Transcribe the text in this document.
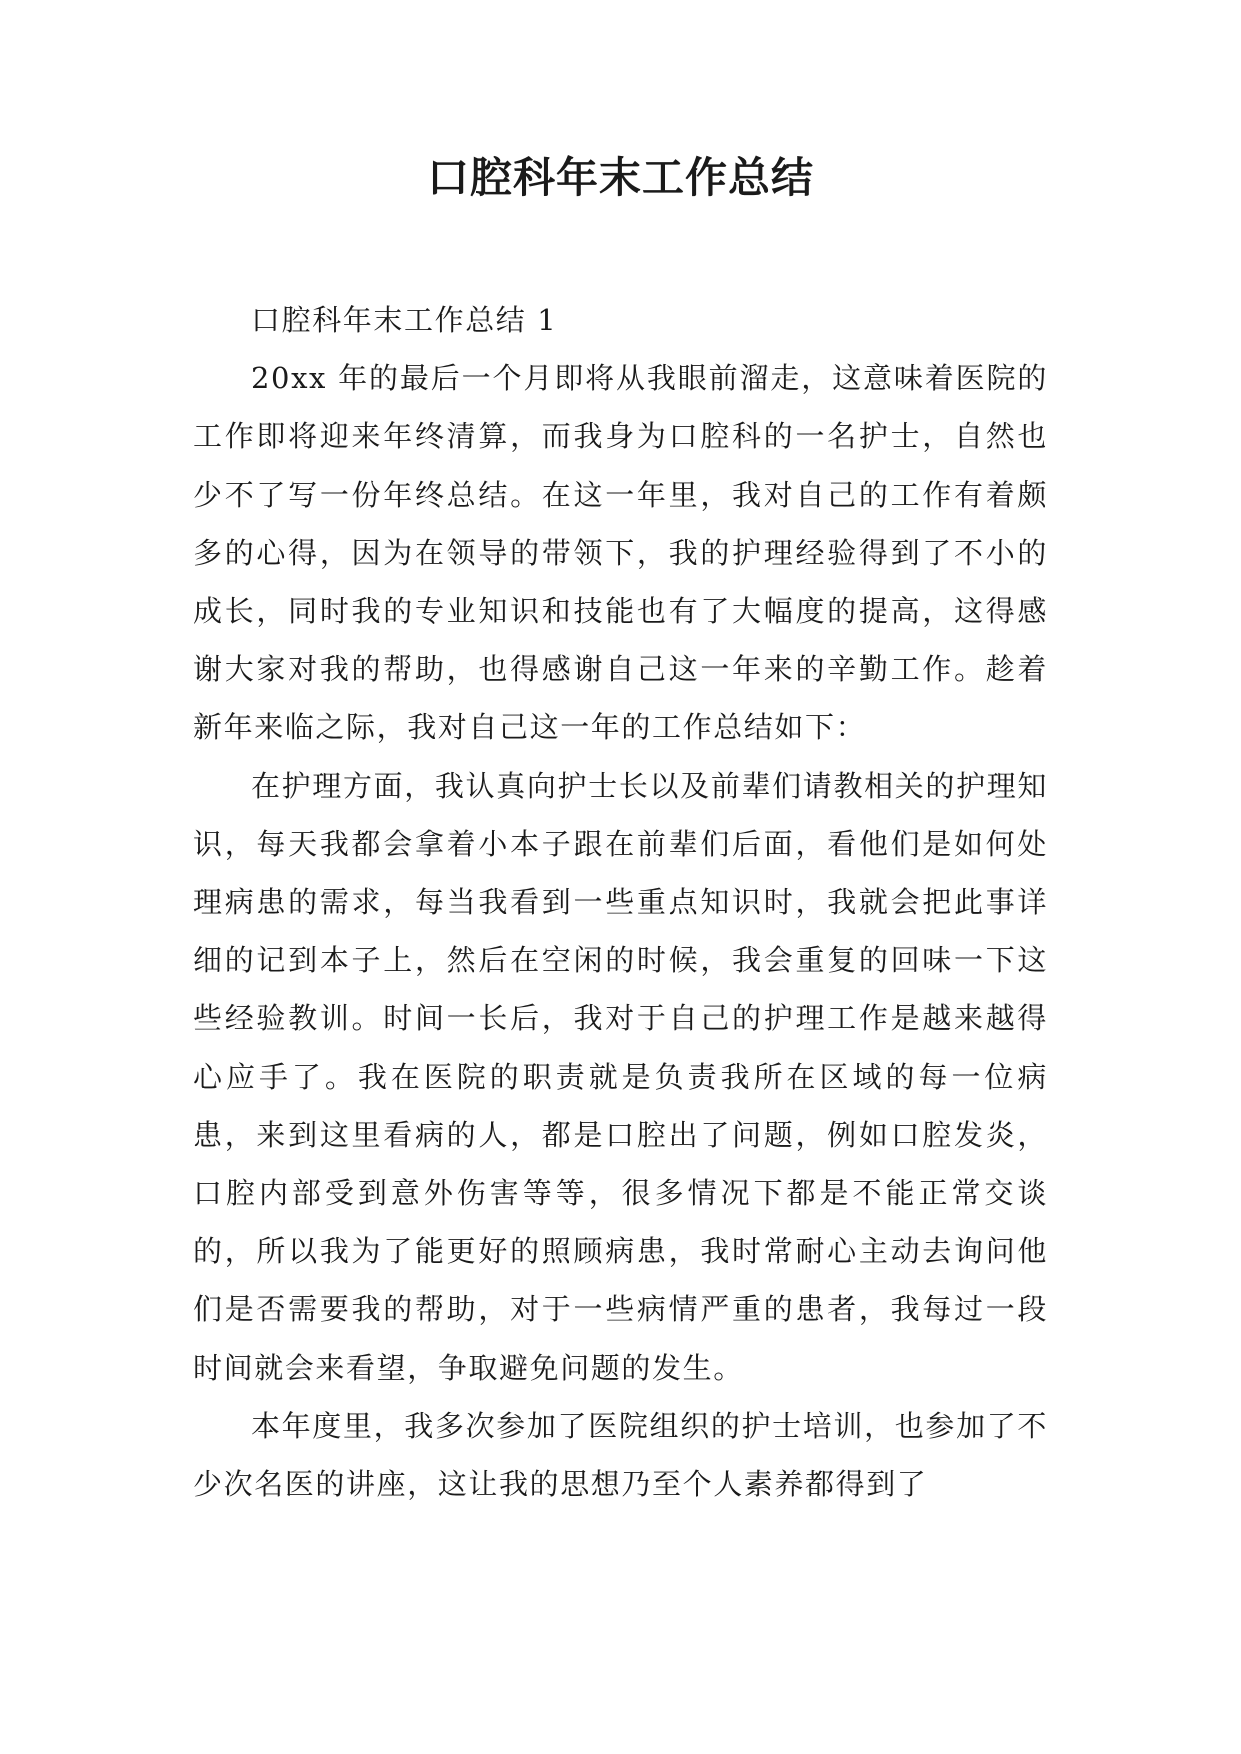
口腔科年末工作总结

口腔科年末工作总结 1

20xx 年的最后一个月即将从我眼前溜走，这意味着医院的工作即将迎来年终清算，而我身为口腔科的一名护士，自然也少不了写一份年终总结。在这一年里，我对自己的工作有着颇多的心得，因为在领导的带领下，我的护理经验得到了不小的成长，同时我的专业知识和技能也有了大幅度的提高，这得感谢大家对我的帮助，也得感谢自己这一年来的辛勤工作。趁着新年来临之际，我对自己这一年的工作总结如下：

在护理方面，我认真向护士长以及前辈们请教相关的护理知识，每天我都会拿着小本子跟在前辈们后面，看他们是如何处理病患的需求，每当我看到一些重点知识时，我就会把此事详细的记到本子上，然后在空闲的时候，我会重复的回味一下这些经验教训。时间一长后，我对于自己的护理工作是越来越得心应手了。我在医院的职责就是负责我所在区域的每一位病患，来到这里看病的人，都是口腔出了问题，例如口腔发炎，口腔内部受到意外伤害等等，很多情况下都是不能正常交谈的，所以我为了能更好的照顾病患，我时常耐心主动去询问他们是否需要我的帮助，对于一些病情严重的患者，我每过一段时间就会来看望，争取避免问题的发生。

本年度里，我多次参加了医院组织的护士培训，也参加了不少次名医的讲座，这让我的思想乃至个人素养都得到了
